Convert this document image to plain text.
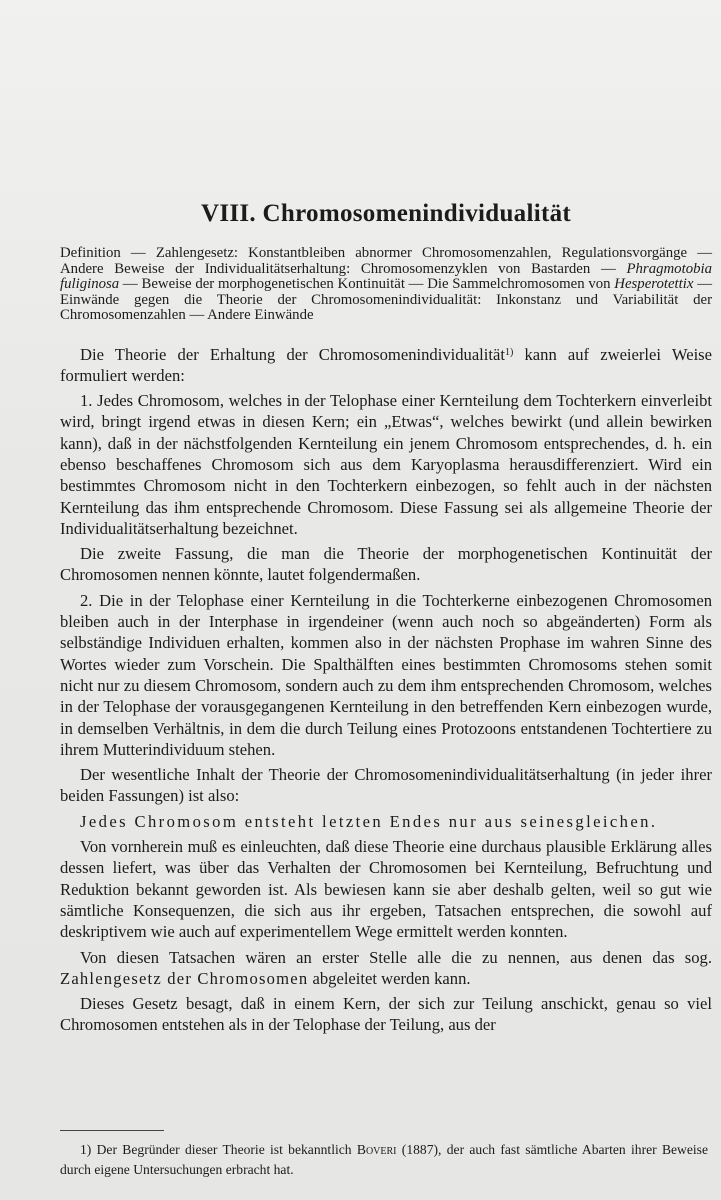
VIII. Chromosomenindividualität
Definition — Zahlengesetz: Konstantbleiben abnormer Chromosomenzahlen, Regulationsvorgänge — Andere Beweise der Individualitätserhaltung: Chromosomenzyklen von Bastarden — Phragmotobia fuliginosa — Beweise der morphogenetischen Kontinuität — Die Sammelchromosomen von Hesperotettix — Einwände gegen die Theorie der Chromosomenindividualität: Inkonstanz und Variabilität der Chromosomenzahlen — Andere Einwände

Die Theorie der Erhaltung der Chromosomenindividualität$^{1)}$ kann auf zweierlei Weise formuliert werden:

1. Jedes Chromosom, welches in der Telophase einer Kernteilung dem Tochterkern einverleibt wird, bringt irgend etwas in diesen Kern; ein „Etwas“, welches bewirkt (und allein bewirken kann), daß in der nächstfolgenden Kernteilung ein jenem Chromosom entsprechendes, d. h. ein ebenso beschaffenes Chromosom sich aus dem Karyoplasma herausdifferenziert. Wird ein bestimmtes Chromosom nicht in den Tochterkern einbezogen, so fehlt auch in der nächsten Kernteilung das ihm entsprechende Chromosom. Diese Fassung sei als allgemeine Theorie der Individualitätserhaltung bezeichnet.

Die zweite Fassung, die man die Theorie der morphogenetischen Kontinuität der Chromosomen nennen könnte, lautet folgendermaßen.

2. Die in der Telophase einer Kernteilung in die Tochterkerne einbezogenen Chromosomen bleiben auch in der Interphase in irgendeiner (wenn auch noch so abgeänderten) Form als selbständige Individuen erhalten, kommen also in der nächsten Prophase im wahren Sinne des Wortes wieder zum Vorschein. Die Spalthälften eines bestimmten Chromosoms stehen somit nicht nur zu diesem Chromosom, sondern auch zu dem ihm entsprechenden Chromosom, welches in der Telophase der vorausgegangenen Kernteilung in den betreffenden Kern einbezogen wurde, in demselben Verhältnis, in dem die durch Teilung eines Protozoons entstandenen Tochtertiere zu ihrem Mutterindividuum stehen.

Der wesentliche Inhalt der Theorie der Chromosomenindividualitätserhaltung (in jeder ihrer beiden Fassungen) ist also:

Jedes Chromosom entsteht letzten Endes nur aus seinesgleichen.

Von vornherein muß es einleuchten, daß diese Theorie eine durchaus plausible Erklärung alles dessen liefert, was über das Verhalten der Chromosomen bei Kernteilung, Befruchtung und Reduktion bekannt geworden ist. Als bewiesen kann sie aber deshalb gelten, weil so gut wie sämtliche Konsequenzen, die sich aus ihr ergeben, Tatsachen entsprechen, die sowohl auf deskriptivem wie auch auf experimentellem Wege ermittelt werden konnten.

Von diesen Tatsachen wären an erster Stelle alle die zu nennen, aus denen das sog. Zahlengesetz der Chromosomen abgeleitet werden kann.

Dieses Gesetz besagt, daß in einem Kern, der sich zur Teilung anschickt, genau so viel Chromosomen entstehen als in der Telophase der Teilung, aus der

1) Der Begründer dieser Theorie ist bekanntlich Boveri (1887), der auch fast sämtliche Abarten ihrer Beweise durch eigene Untersuchungen erbracht hat.
